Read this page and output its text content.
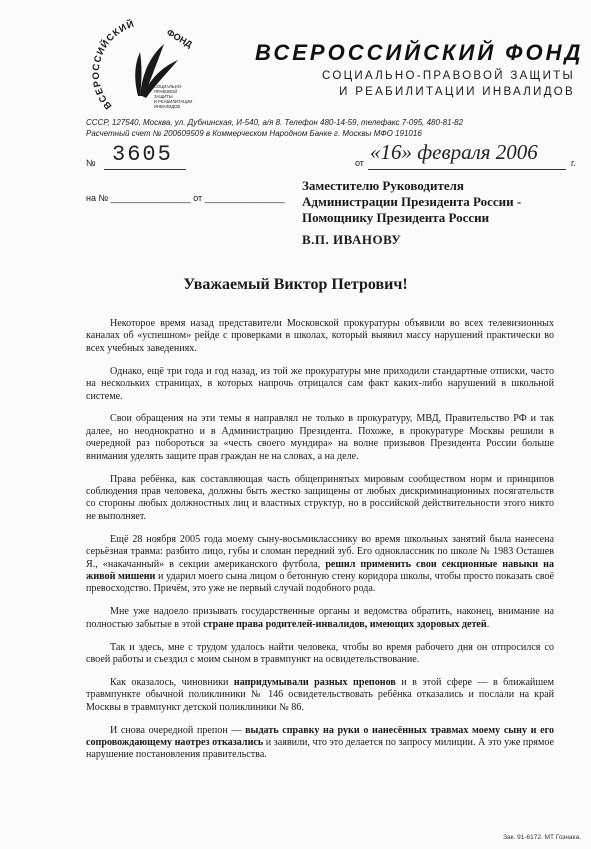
ВСЕРОССИЙСКИЙ
ФОНД
СОЦИАЛЬНО-
ПРАВОВОЙ
ЗАЩИТЫ
И РЕАБИЛИТАЦИИ
ИНВАЛИДОВ
ВСЕРОССИЙСКИЙ ФОНД
СОЦИАЛЬНО-ПРАВОВОЙ ЗАЩИТЫ
И РЕАБИЛИТАЦИИ ИНВАЛИДОВ
СССР, 127540, Москва, ул. Дубнинская, И-540, а/я 8. Телефон 480-14-59, телефакс 7-095, 480-81-82
Расчетный счет № 200609509 в Коммерческом Народном Банке г. Москвы МФО 191016
№ 3605	от «16» февраля 2006	г.
на № ________________ от ________________
Заместителю Руководителя
Администрации Президента России -
Помощнику Президента России
В.П. ИВАНОВУ
Уважаемый Виктор Петрович!

Некоторое время назад представители Московской прокуратуры объявили во всех телевизионных каналах об «успешном» рейде с проверками в школах, который выявил массу нарушений практически во всех учебных заведениях.

Однако, ещё три года и год назад, из той же прокуратуры мне приходили стандартные отписки, часто на нескольких страницах, в которых напрочь отрицался сам факт каких-либо нарушений в школьной системе.

Свои обращения на эти темы я направлял не только в прокуратуру, МВД, Правительство РФ и так далее, но неоднократно и в Администрацию Президента. Похоже, в прокуратуре Москвы решили в очередной раз побороться за «честь своего мундира» на волне призывов Президента России больше внимания уделять защите прав граждан не на словах, а на деле.

Права ребёнка, как составляющая часть общепринятых мировым сообществом норм и принципов соблюдения прав человека, должны быть жестко защищены от любых дискриминационных посягательств со стороны любых должностных лиц и властных структур, но в российской действительности этого никто не выполняет.

Ещё 28 ноября 2005 года моему сыну-восьмикласснику во время школьных занятий была нанесена серьёзная травма: разбито лицо, губы и сломан передний зуб. Его одноклассник по школе № 1983 Осташев Я., «накачанный» в секции американского футбола, решил применить свои секционные навыки на живой мишени и ударил моего сына лицом о бетонную стену коридора школы, чтобы просто показать своё превосходство. Причём, это уже не первый случай подобного рода.

Мне уже надоело призывать государственные органы и ведомства обратить, наконец, внимание на полностью забытые в этой стране права родителей-инвалидов, имеющих здоровых детей.

Так и здесь, мне с трудом удалось найти человека, чтобы во время рабочего дня он отпросился со своей работы и съездил с моим сыном в травмпункт на освидетельствование.

Как оказалось, чиновники напридумывали разных препонов и в этой сфере — в ближайшем травмпункте обычной поликлиники № 146 освидетельствовать ребёнка отказались и послали на край Москвы в травмпункт детской поликлиники № 86.

И снова очередной препон — выдать справку на руки о нанесённых травмах моему сыну и его сопровождающему наотрез отказались и заявили, что это делается по запросу милиции. А это уже прямое нарушение постановления правительства.

Зак. 91-6172. МТ Гознака.
